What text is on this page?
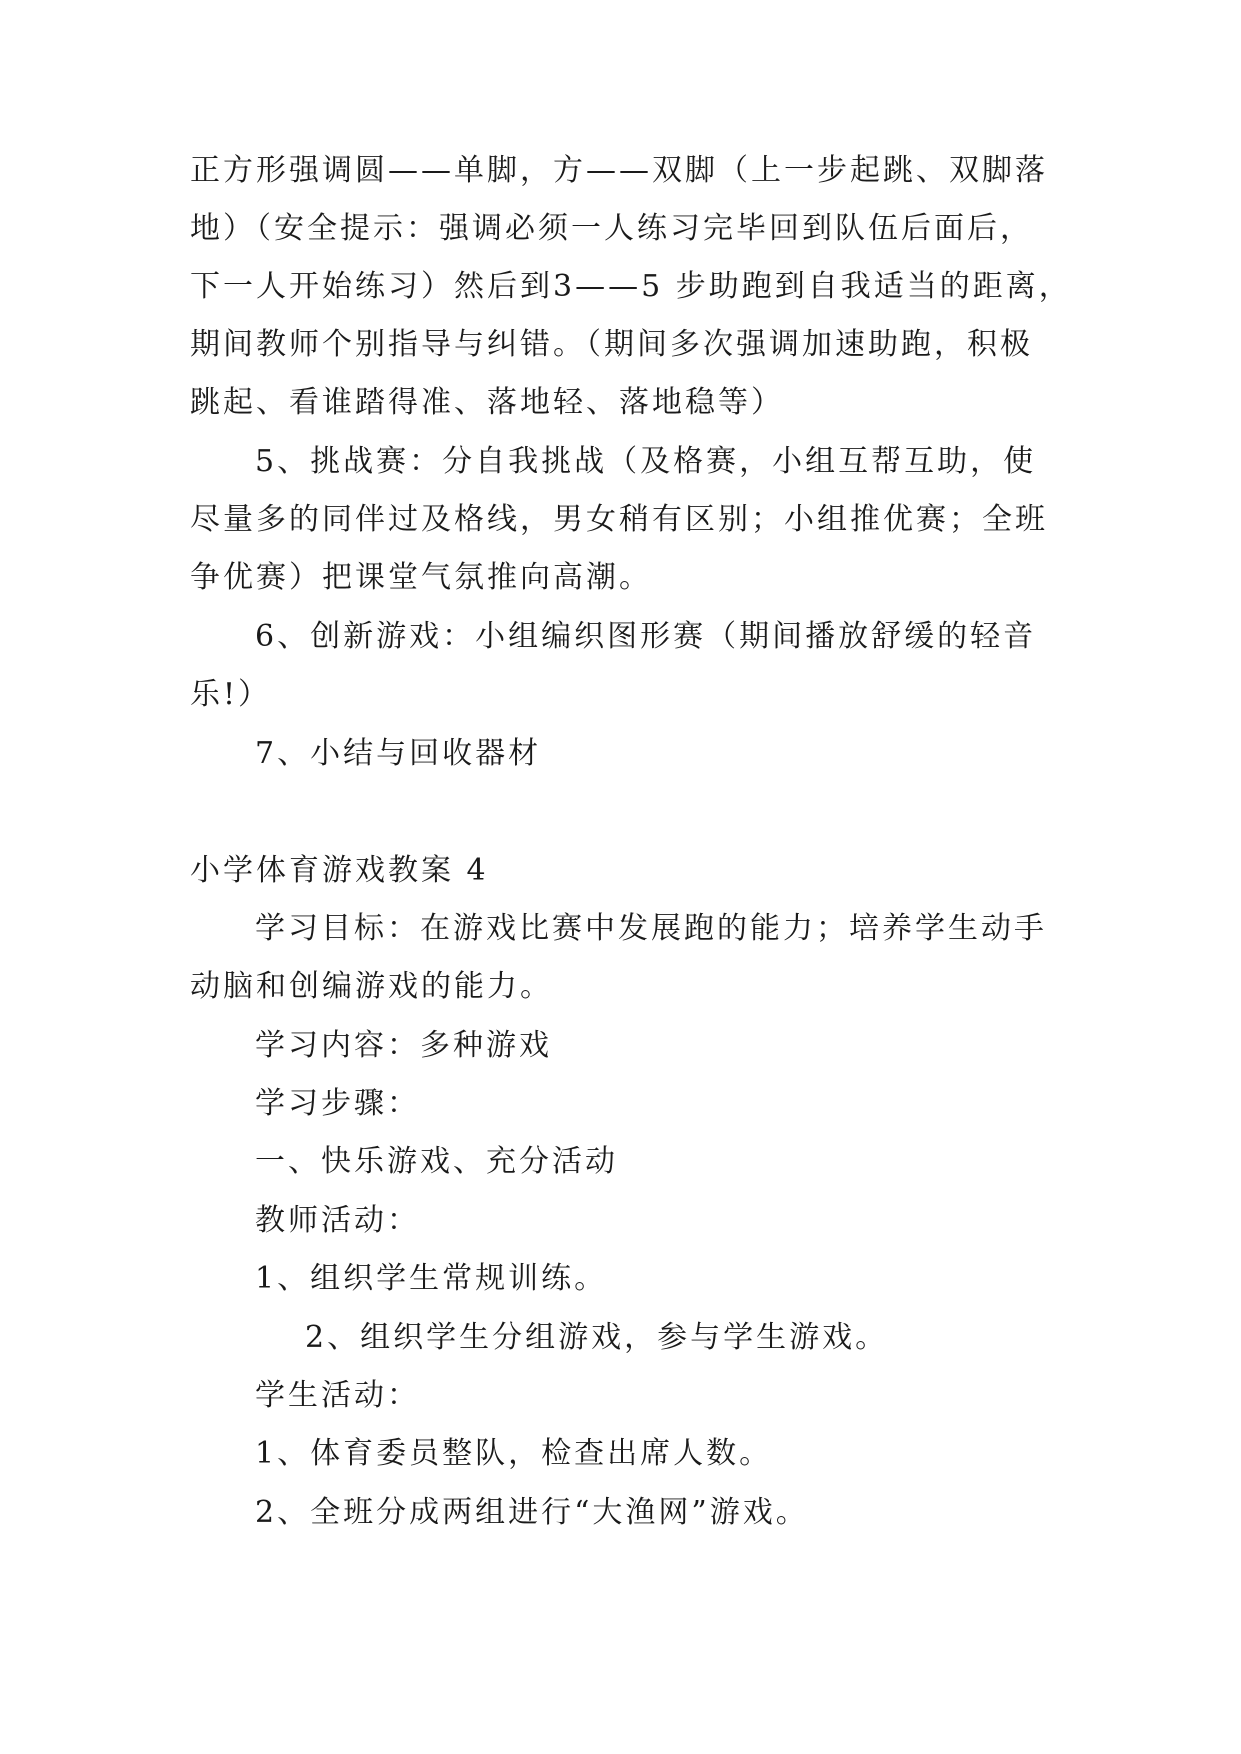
正方形强调圆——单脚，方——双脚（上一步起跳、双脚落
地）（安全提示：强调必须一人练习完毕回到队伍后面后，
下一人开始练习）然后到3——5 步助跑到自我适当的距离，
期间教师个别指导与纠错。（期间多次强调加速助跑，积极
跳起、看谁踏得准、落地轻、落地稳等）
5、挑战赛：分自我挑战（及格赛，小组互帮互助，使
尽量多的同伴过及格线，男女稍有区别；小组推优赛；全班
争优赛）把课堂气氛推向高潮。
6、创新游戏：小组编织图形赛（期间播放舒缓的轻音
乐!）
7、小结与回收器材
小学体育游戏教案 4
学习目标：在游戏比赛中发展跑的能力；培养学生动手
动脑和创编游戏的能力。
学习内容：多种游戏
学习步骤：
一、快乐游戏、充分活动
教师活动：
1、组织学生常规训练。
2、组织学生分组游戏，参与学生游戏。
学生活动：
1、体育委员整队，检查出席人数。
2、全班分成两组进行“大渔网”游戏。
